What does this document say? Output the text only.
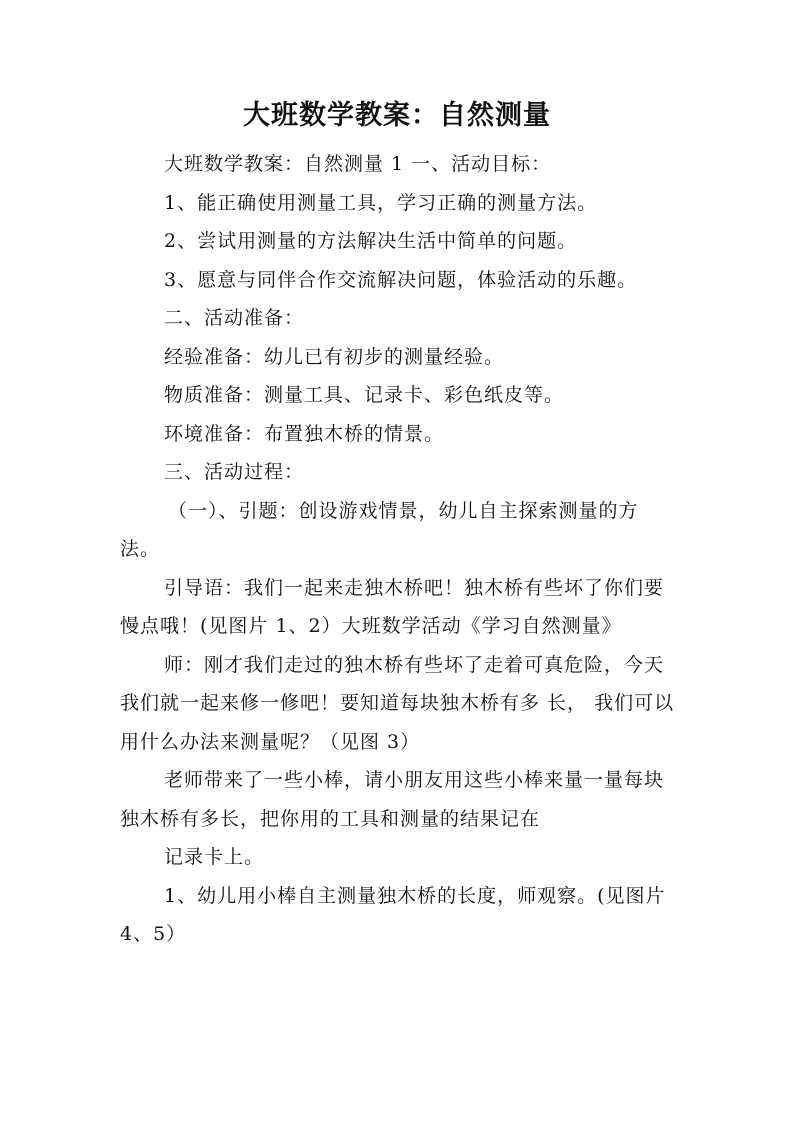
大班数学教案：自然测量

大班数学教案：自然测量 1 一、活动目标：

1、能正确使用测量工具，学习正确的测量方法。

2、尝试用测量的方法解决生活中简单的问题。

3、愿意与同伴合作交流解决问题，体验活动的乐趣。

二、活动准备：

经验准备：幼儿已有初步的测量经验。

物质准备：测量工具、记录卡、彩色纸皮等。

环境准备：布置独木桥的情景。

三、活动过程：

（一）、引题：创设游戏情景，幼儿自主探索测量的方法。

引导语：我们一起来走独木桥吧！独木桥有些坏了你们要慢点哦！(见图片 1、2）大班数学活动《学习自然测量》

师：刚才我们走过的独木桥有些坏了走着可真危险，今天我们就一起来修一修吧！要知道每块独木桥有多 长， 我们可以用什么办法来测量呢？（见图 3）

老师带来了一些小棒，请小朋友用这些小棒来量一量每块独木桥有多长，把你用的工具和测量的结果记在

记录卡上。

1、幼儿用小棒自主测量独木桥的长度，师观察。(见图片 4、5）
